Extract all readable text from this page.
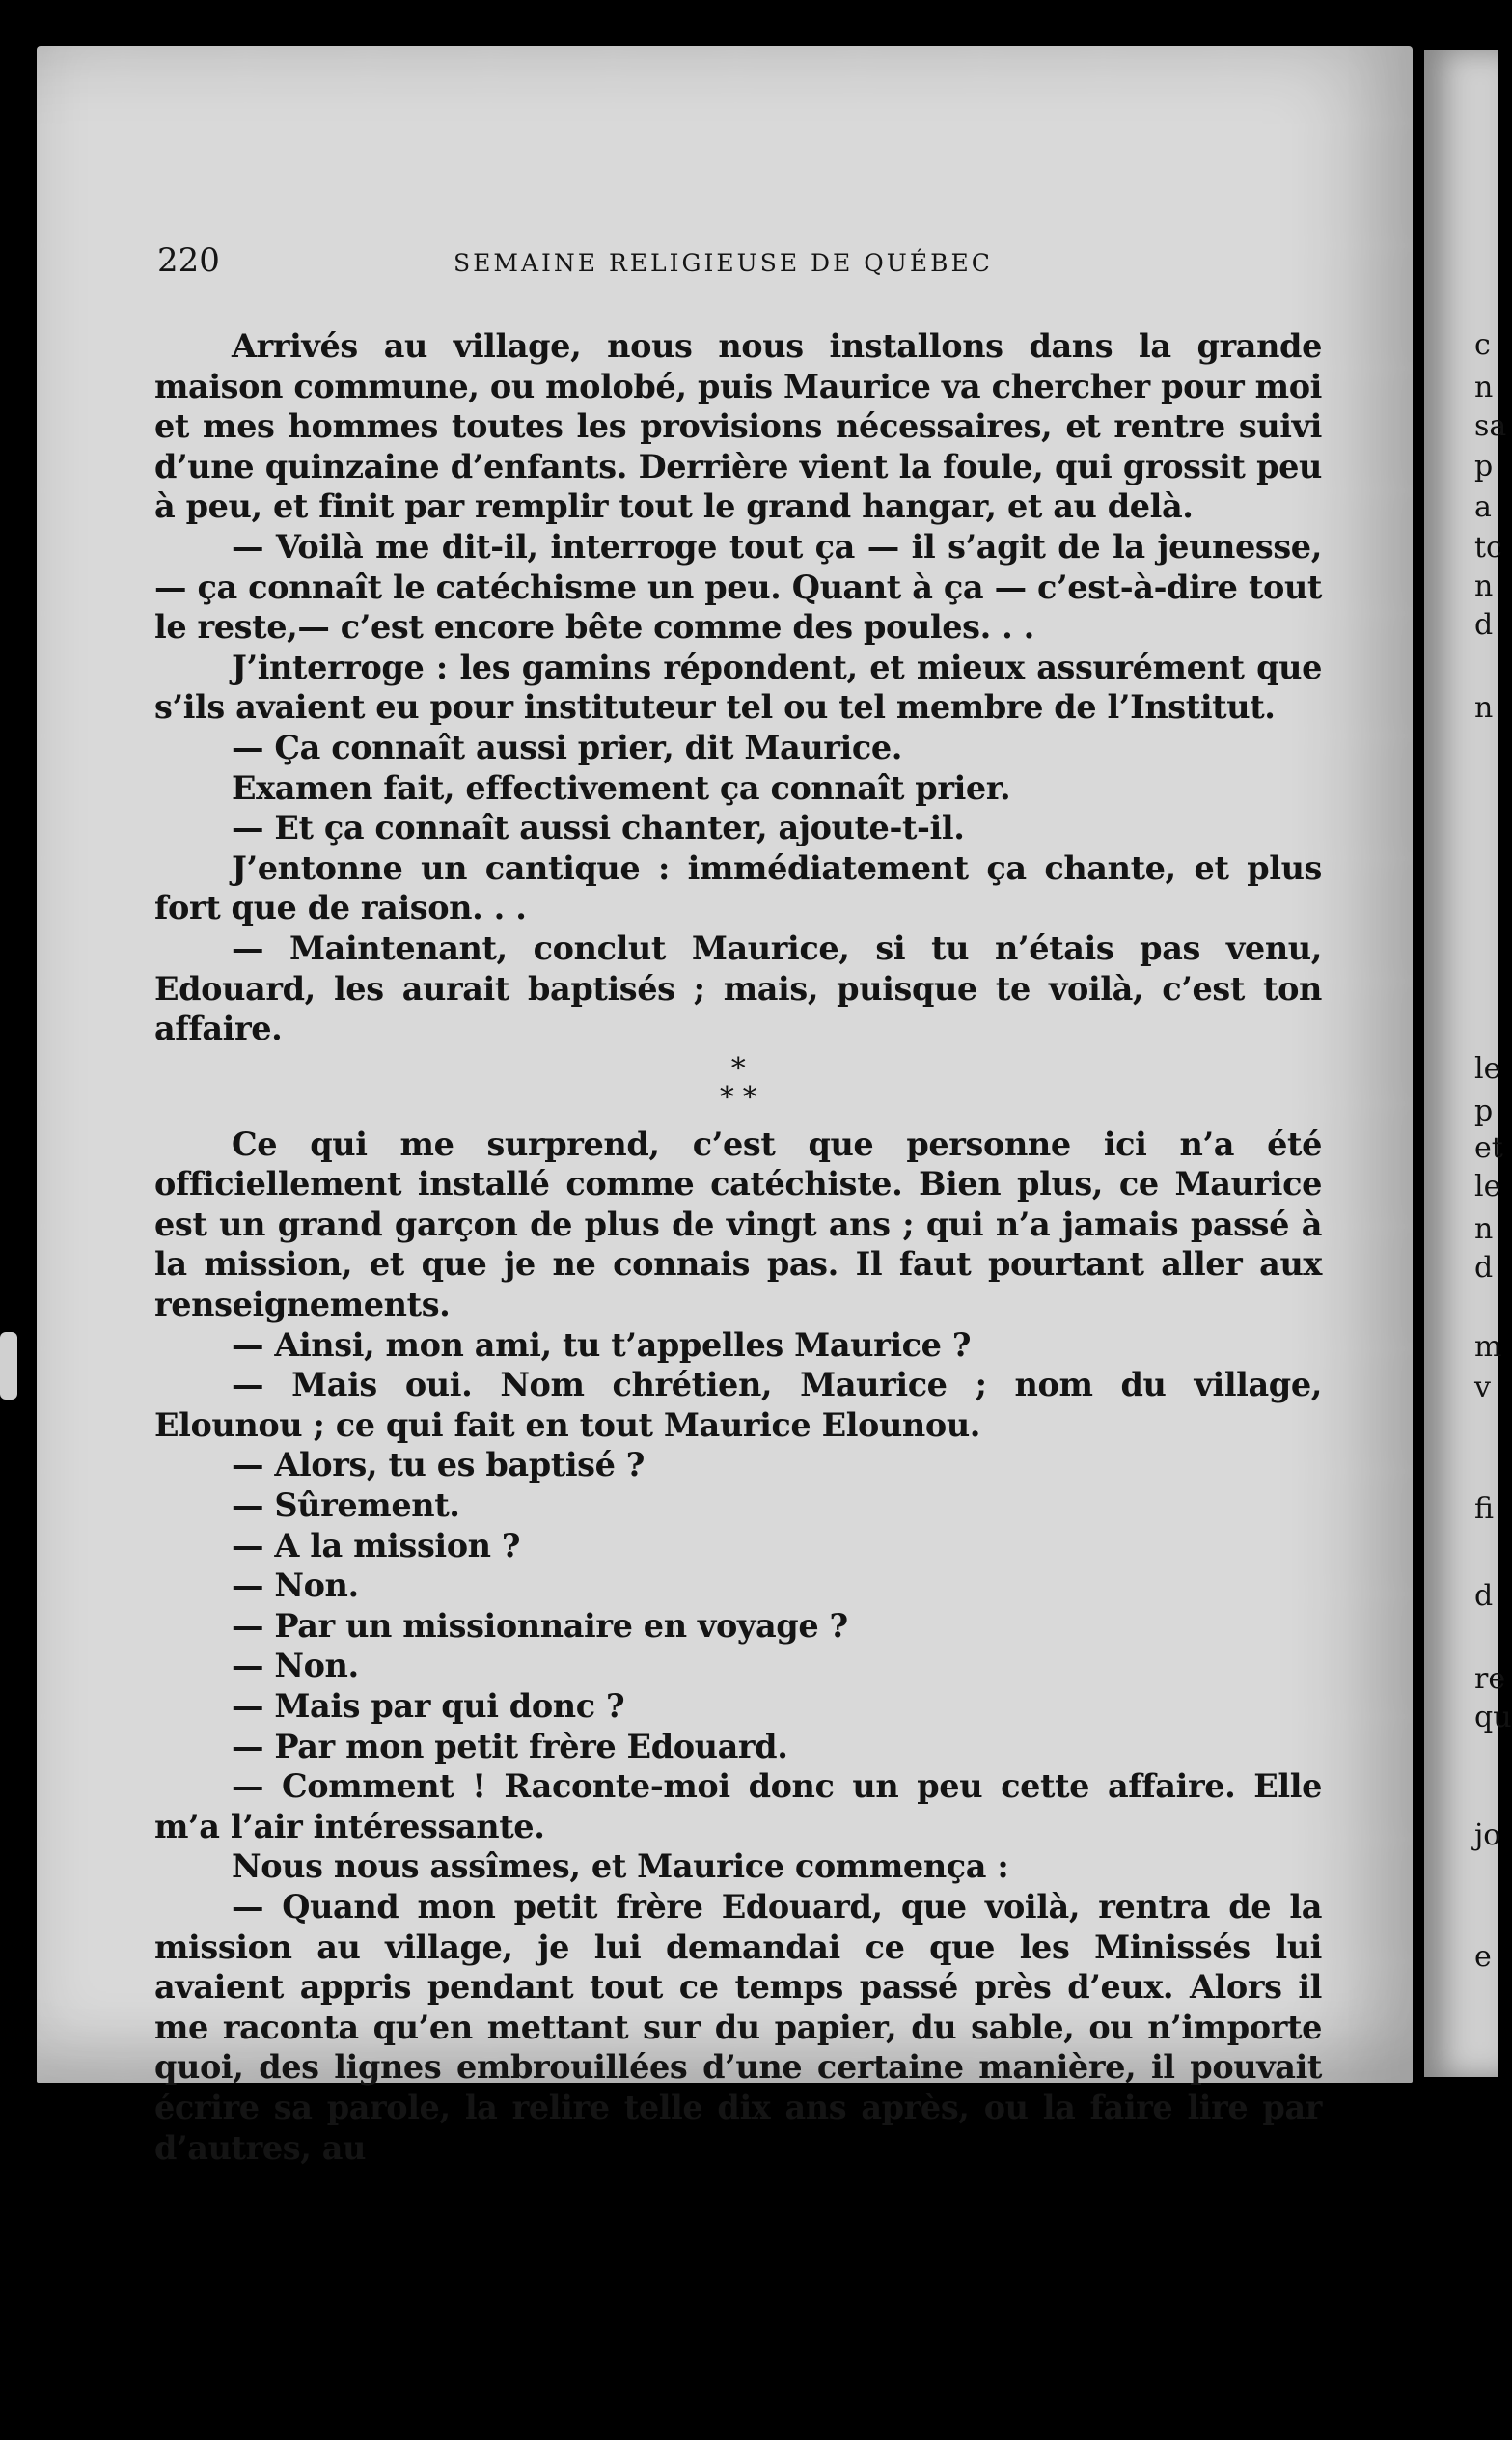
c
n
sa
p
a
tc
n
d
n
le
p
et
le
n
d
m
v
fi
d
re
qu
jo
e
220	SEMAINE RELIGIEUSE DE QUÉBEC

Arrivés au village, nous nous installons dans la grande maison commune, ou molobé, puis Maurice va chercher pour moi et mes hommes toutes les provisions nécessaires, et rentre suivi d’une quinzaine d’enfants. Derrière vient la foule, qui grossit peu à peu, et finit par remplir tout le grand hangar, et au delà.

— Voilà me dit-il, interroge tout ça — il s’agit de la jeunesse, — ça connaît le catéchisme un peu. Quant à ça — c’est-à-dire tout le reste,— c’est encore bête comme des poules. . .

J’interroge : les gamins répondent, et mieux assurément que s’ils avaient eu pour instituteur tel ou tel membre de l’Institut.

— Ça connaît aussi prier, dit Maurice.

Examen fait, effectivement ça connaît prier.

— Et ça connaît aussi chanter, ajoute-t-il.

J’entonne un cantique : immédiatement ça chante, et plus fort que de raison. . .

— Maintenant, conclut Maurice, si tu n’étais pas venu, Edouard, les aurait baptisés ; mais, puisque te voilà, c’est ton affaire.

*
* *

Ce qui me surprend, c’est que personne ici n’a été officiellement installé comme catéchiste. Bien plus, ce Maurice est un grand garçon de plus de vingt ans ; qui n’a jamais passé à la mission, et que je ne connais pas. Il faut pourtant aller aux renseignements.

— Ainsi, mon ami, tu t’appelles Maurice ?

— Mais oui. Nom chrétien, Maurice ; nom du village, Elounou ; ce qui fait en tout Maurice Elounou.

— Alors, tu es baptisé ?

— Sûrement.

— A la mission ?

— Non.

— Par un missionnaire en voyage ?

— Non.

— Mais par qui donc ?

— Par mon petit frère Edouard.

— Comment ! Raconte-moi donc un peu cette affaire. Elle m’a l’air intéressante.

Nous nous assîmes, et Maurice commença :

— Quand mon petit frère Edouard, que voilà, rentra de la mission au village, je lui demandai ce que les Minissés lui avaient appris pendant tout ce temps passé près d’eux. Alors il me raconta qu’en mettant sur du papier, du sable, ou n’importe quoi, des lignes embrouillées d’une certaine manière, il pouvait écrire sa parole, la relire telle dix ans après, ou la faire lire par d’autres, au
